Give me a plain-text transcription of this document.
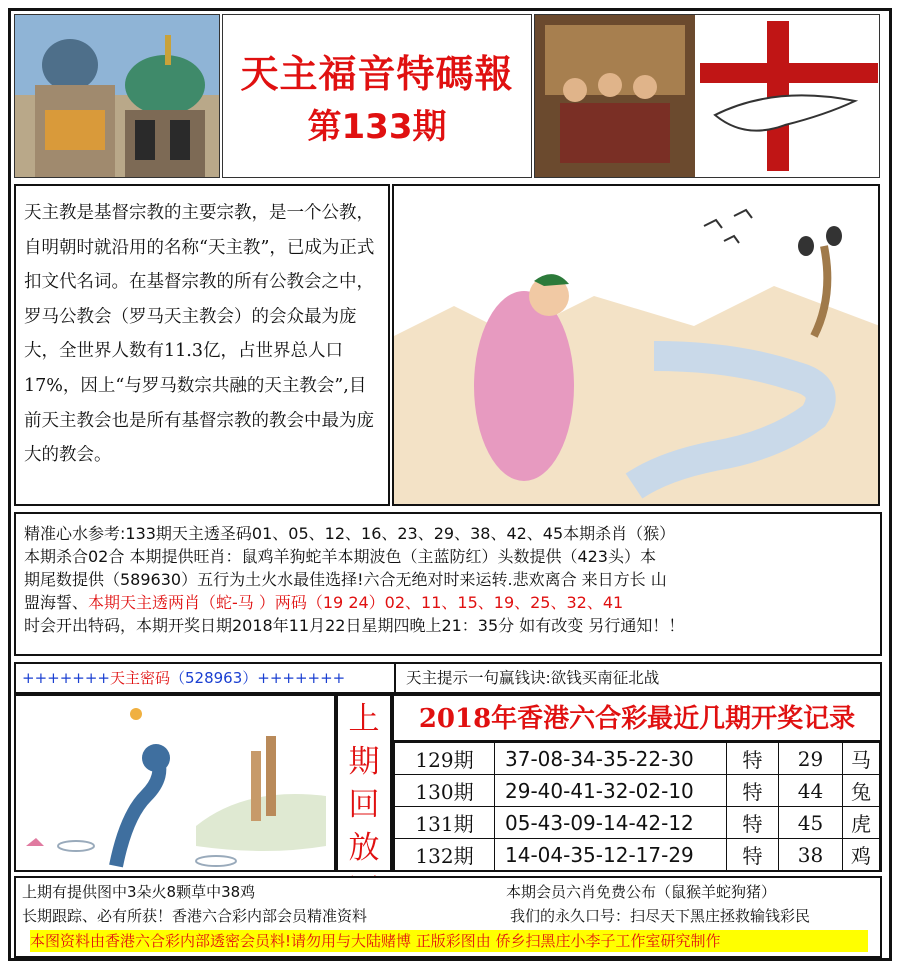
天主福音特碼報
第133期

天主教是基督宗教的主要宗教，是一个公教，自明朝时就沿用的名称“天主教”，已成为正式扣文代名词。在基督宗教的所有公教会之中，罗马公教会（罗马天主教会）的会众最为庞大，全世界人数有11.3亿，占世界总人口17%，因上“与罗马数宗共融的天主教会”,目前天主教会也是所有基督宗教的教会中最为庞大的教会。

精准心水参考:133期天主透圣码01、05、12、16、23、29、38、42、45本期杀肖（猴）
本期杀合02合 本期提供旺肖：鼠鸡羊狗蛇羊本期波色（主蓝防红）头数提供（423头）本
期尾数提供（589630）五行为土火水最佳选择!六合无绝对时来运转.悲欢离合 来日方长 山
盟海誓、本期天主透两肖（蛇-马 ）两码（19 24）02、11、15、19、25、32、41
时会开出特码，本期开奖日期2018年11月22日星期四晚上21：35分 如有改变 另行通知！！
+++++++天主密码（528963）+++++++	天主提示一句赢钱诀:欲钱买南征北战
上
期
回
放
2018年香港六合彩最近几期开奖记录
129期	37-08-34-35-22-30	特	29	马
130期	29-40-41-32-02-10	特	44	兔
131期	05-43-09-14-42-12	特	45	虎
132期	14-04-35-12-17-29	特	38	鸡
上期有提供图中3朵火8颗草中38鸡	本期会员六肖免费公布（鼠猴羊蛇狗猪）
长期跟踪、必有所获！香港六合彩内部会员精准资料	我们的永久口号：扫尽天下黑庄拯救输钱彩民
本图资料由香港六合彩内部透密会员料!请勿用与大陆赌博 正版彩图由 侨乡扫黑庄小李子工作室研究制作
